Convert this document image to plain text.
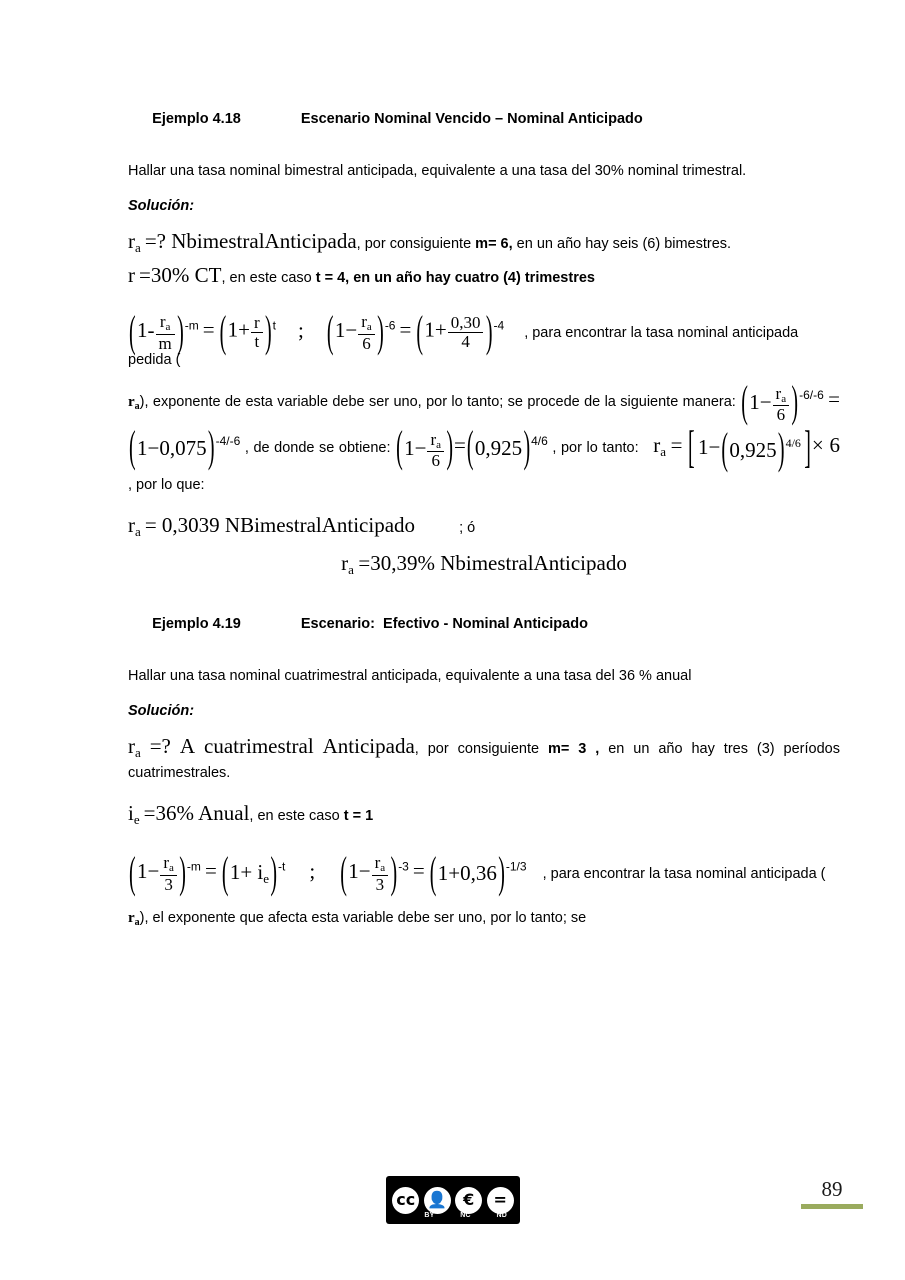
Ejemplo 4.18	Escenario Nominal Vencido – Nominal Anticipado

Hallar una tasa nominal bimestral anticipada, equivalente a una tasa del 30% nominal trimestral.

Solución:
$r_a$ =? NbimestralAnticipada, por consiguiente m= 6, en un año hay seis (6) bimestres.
r =30% CT, en este caso t = 4, en un año hay cuatro (4) trimestres
( $1- \frac{r_a}{m}$
) $^{-m}$ = ( $1+ \frac{r}{t}$
) $^t$ ; ( $1- \frac{r_a}{6}$
) $^{-6}$ = ( $1+ \frac{0,30}{4}$
) $^{-4}$ , para encontrar la tasa nominal anticipada pedida (
$r_a$), exponente de esta variable debe ser uno, por lo tanto; se procede de la siguiente manera: ( $1- \frac{r_a}{6}$
) $^{-6/-6}$ = ( 1−0,075 ) $^{-4/-6}$ , de donde se obtiene: ( $1- \frac{r_a}{6}$
) = ( 0,925 ) $^{4/6}$ , por lo tanto: $r_a$ = [ 1− ( 0,925 ) $^{4/6}$ ] × 6 , por lo que:
$r_a = 0,3039$ NBimestralAnticipado	; ó
$r_a =30,39\%$ NbimestralAnticipado

Ejemplo 4.19	Escenario:  Efectivo - Nominal Anticipado

Hallar una tasa nominal cuatrimestral anticipada, equivalente a una tasa del 36 % anual

Solución:
$r_a$ =? A cuatrimestral Anticipada, por consiguiente m= 3 , en un año hay tres (3) períodos cuatrimestrales.
$i_e =36\%$ Anual, en este caso t = 1
( $1- \frac{r_a}{3}$
) $^{-m}$ = ( $1+ i_e$ )$^{-t}$ ; ( $1- \frac{r_a}{3}$
) $^{-3}$ = ( 1+0,36 ) $^{-1/3}$ , para encontrar la tasa nominal anticipada (
$r_a$), el exponente que afecta esta variable debe ser uno, por lo tanto; se
cc 👤 €	=
BY	NC	ND
89
